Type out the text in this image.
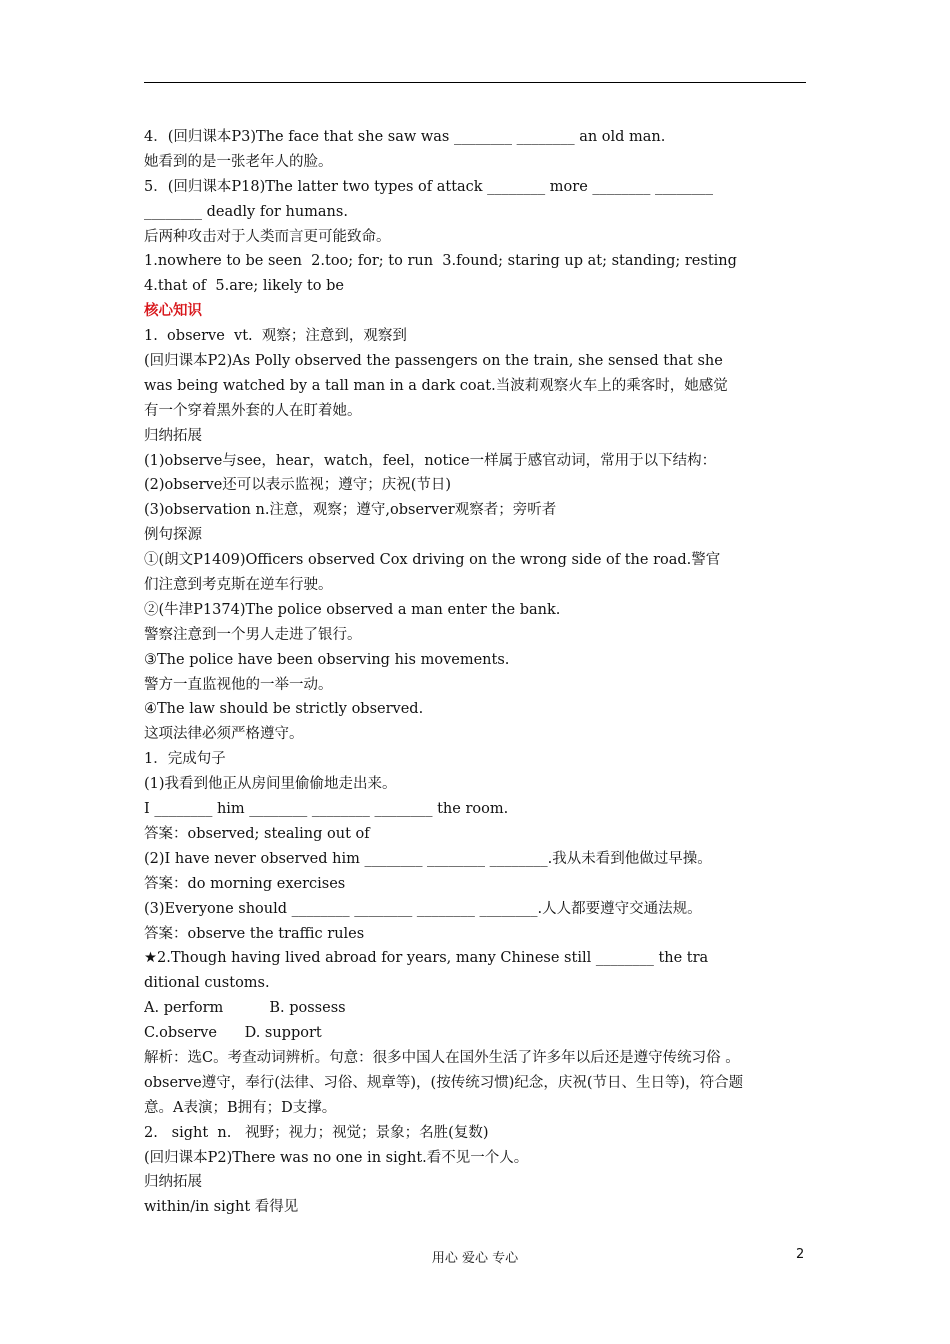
4．(回归课本P3)The face that she saw was ________ ________ an old man.
她看到的是一张老年人的脸。
5．(回归课本P18)The latter two types of attack ________ more ________ ________
________ deadly for humans.
后两种攻击对于人类而言更可能致命。
1.nowhere to be seen  2.too; for; to run  3.found; staring up at; standing; resting
4.that of  5.are; likely to be
核心知识
1.  observe  vt.  观察；注意到，观察到
(回归课本P2)As Polly observed the passengers on the train, she sensed that she
was being watched by a tall man in a dark coat.当波莉观察火车上的乘客时，她感觉
有一个穿着黑外套的人在盯着她。
归纳拓展
(1)observe与see，hear，watch，feel，notice一样属于感官动词，常用于以下结构：
(2)observe还可以表示监视；遵守；庆祝(节日)
(3)observation n.注意，观察；遵守,observer观察者；旁听者
例句探源
①(朗文P1409)Officers observed Cox driving on the wrong side of the road.警官
们注意到考克斯在逆车行驶。
②(牛津P1374)The police observed a man enter the bank.
警察注意到一个男人走进了银行。
③The police have been observing his movements.
警方一直监视他的一举一动。
④The law should be strictly observed.
这项法律必须严格遵守。
1．完成句子
(1)我看到他正从房间里偷偷地走出来。
I ________ him ________ ________ ________ the room.
答案：observed; stealing out of
(2)I have never observed him ________ ________ ________.我从未看到他做过早操。
答案：do morning exercises
(3)Everyone should ________ ________ ________ ________.人人都要遵守交通法规。
答案：observe the traffic rules
★2.Though having lived abroad for years, many Chinese still ________ the tra
ditional customs.
A. perform          B. possess
C.observe      D. support
解析：选C。考查动词辨析。句意：很多中国人在国外生活了许多年以后还是遵守传统习俗 。
observe遵守，奉行(法律、习俗、规章等)，(按传统习惯)纪念，庆祝(节日、生日等)，符合题
意。A表演；B拥有；D支撑。
2.   sight  n.   视野；视力；视觉；景象；名胜(复数)
(回归课本P2)There was no one in sight.看不见一个人。
归纳拓展
within/in sight 看得见
用心 爱心 专心	2
